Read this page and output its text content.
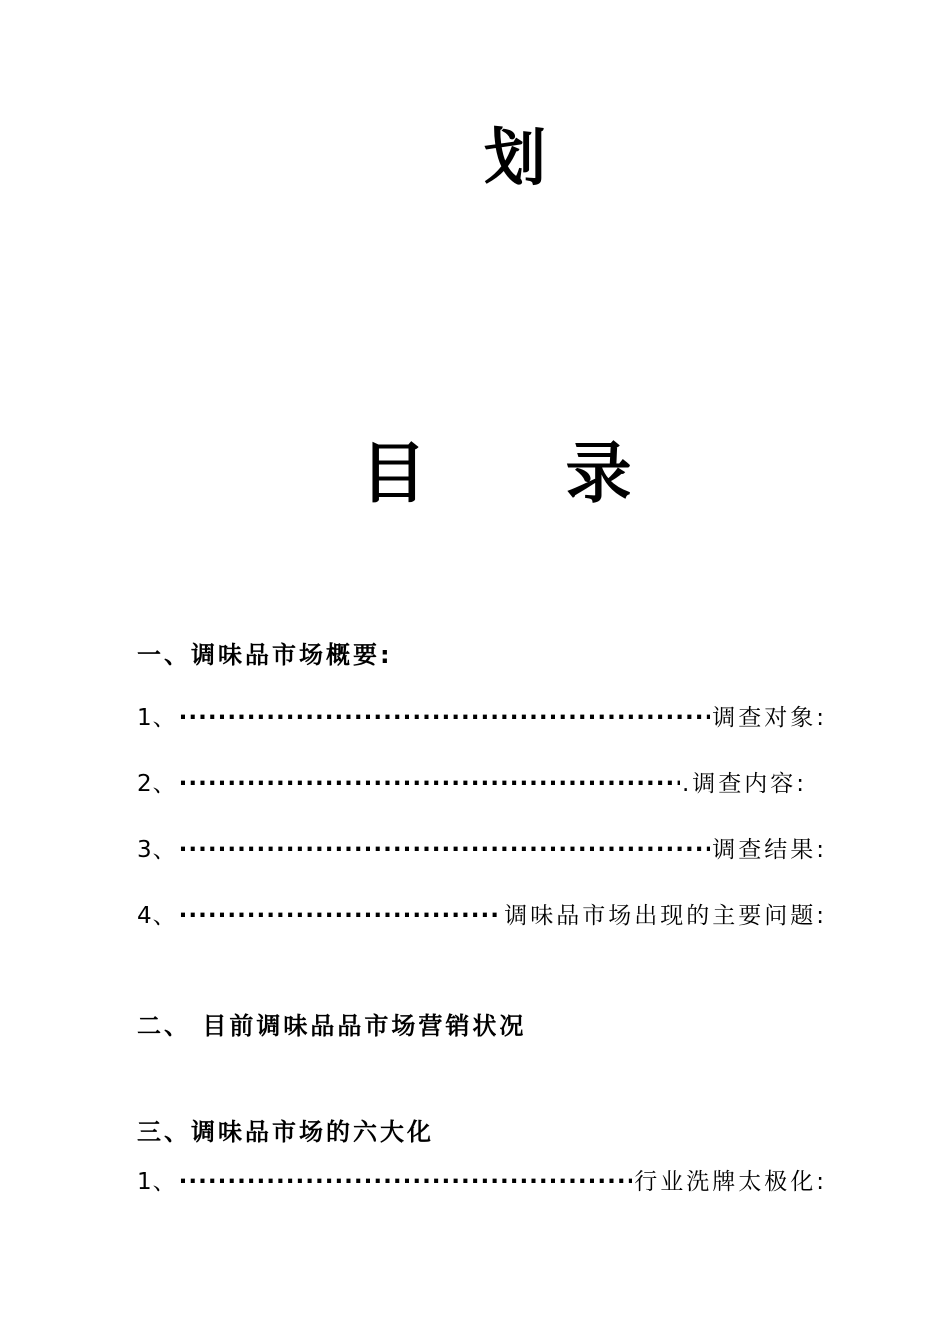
划
目 录
一、调味品市场概要:
1、 ·····	调查对象:
2、 ·····	.调查内容:
3、 ·····	调查结果:
4、 ·····	调味品市场出现的主要问题:
二、 目前调味品品市场营销状况
三、调味品市场的六大化
1、 ·····	行业洗牌太极化:
